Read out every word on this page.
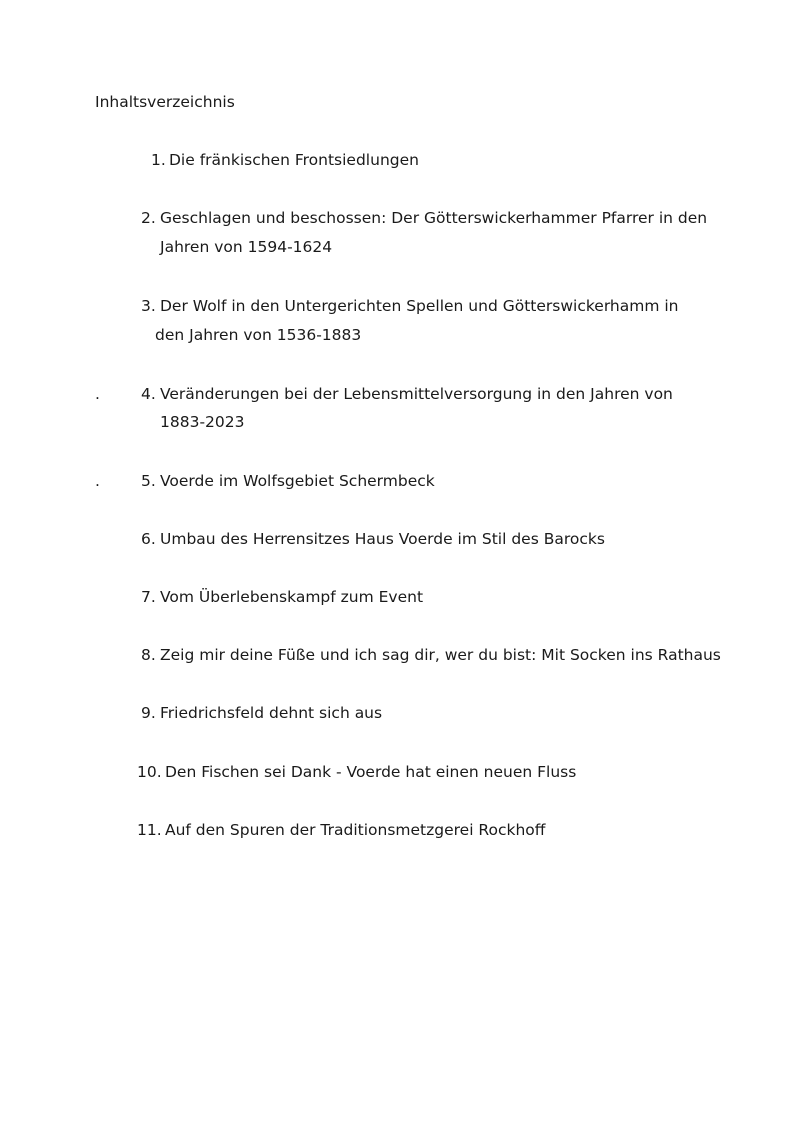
Inhaltsverzeichnis
1. Die fränkischen Frontsiedlungen
2. Geschlagen und beschossen: Der Götterswickerhammer Pfarrer in den
Jahren von 1594-1624
3. Der Wolf in den Untergerichten Spellen und Götterswickerhamm in
den Jahren von 1536-1883
.	4. Veränderungen bei der Lebensmittelversorgung in den Jahren von
1883-2023
.	5. Voerde im Wolfsgebiet Schermbeck
6. Umbau des Herrensitzes Haus Voerde im Stil des Barocks
7. Vom Überlebenskampf zum Event
8. Zeig mir deine Füße und ich sag dir, wer du bist: Mit Socken ins Rathaus
9. Friedrichsfeld dehnt sich aus
10. Den Fischen sei Dank - Voerde hat einen neuen Fluss
11. Auf den Spuren der Traditionsmetzgerei Rockhoff
